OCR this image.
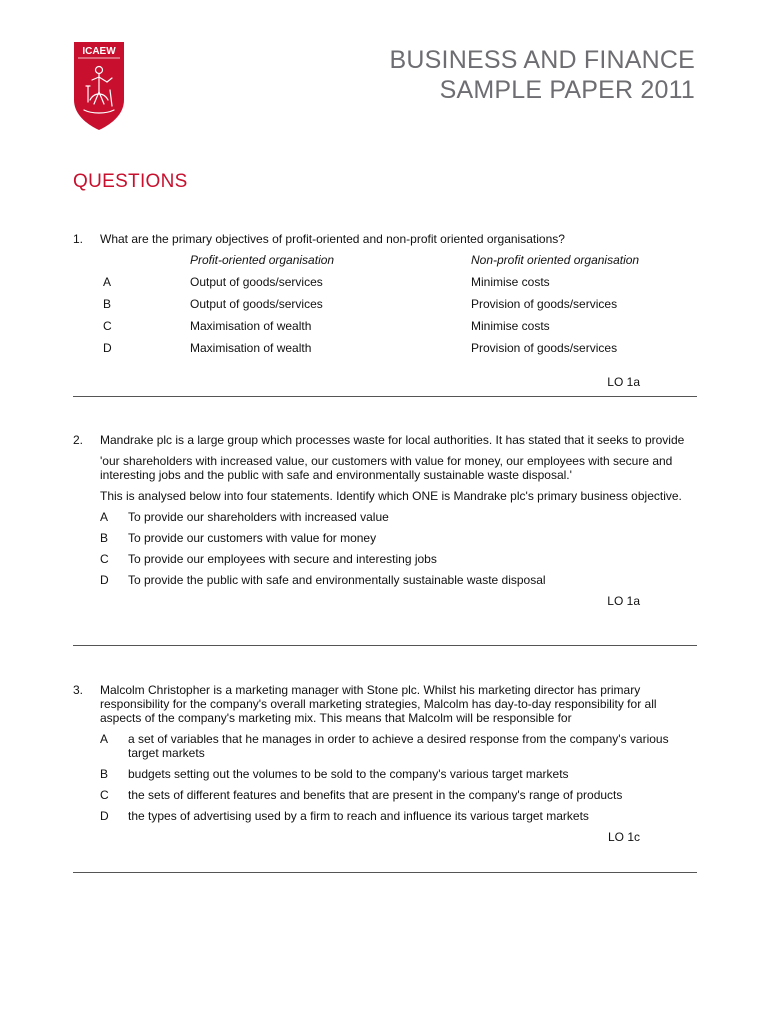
ICAEW	BUSINESS AND FINANCE
SAMPLE PAPER 2011
QUESTIONS
1. What are the primary objectives of profit-oriented and non-profit oriented organisations?
Profit-oriented organisation	Non-profit oriented organisation
A	Output of goods/services	Minimise costs
B	Output of goods/services	Provision of goods/services
C	Maximisation of wealth	Minimise costs
D	Maximisation of wealth	Provision of goods/services
LO 1a
2. Mandrake plc is a large group which processes waste for local authorities. It has stated that it seeks to provide
'our shareholders with increased value, our customers with value for money, our employees with secure and interesting jobs and the public with safe and environmentally sustainable waste disposal.'
This is analysed below into four statements. Identify which ONE is Mandrake plc's primary business objective.
A	To provide our shareholders with increased value
B	To provide our customers with value for money
C	To provide our employees with secure and interesting jobs
D	To provide the public with safe and environmentally sustainable waste disposal
LO 1a
3. Malcolm Christopher is a marketing manager with Stone plc. Whilst his marketing director has primary responsibility for the company's overall marketing strategies, Malcolm has day-to-day responsibility for all aspects of the company's marketing mix. This means that Malcolm will be responsible for
A	a set of variables that he manages in order to achieve a desired response from the company's various target markets
B	budgets setting out the volumes to be sold to the company's various target markets
C	the sets of different features and benefits that are present in the company's range of products
D	the types of advertising used by a firm to reach and influence its various target markets
LO 1c
